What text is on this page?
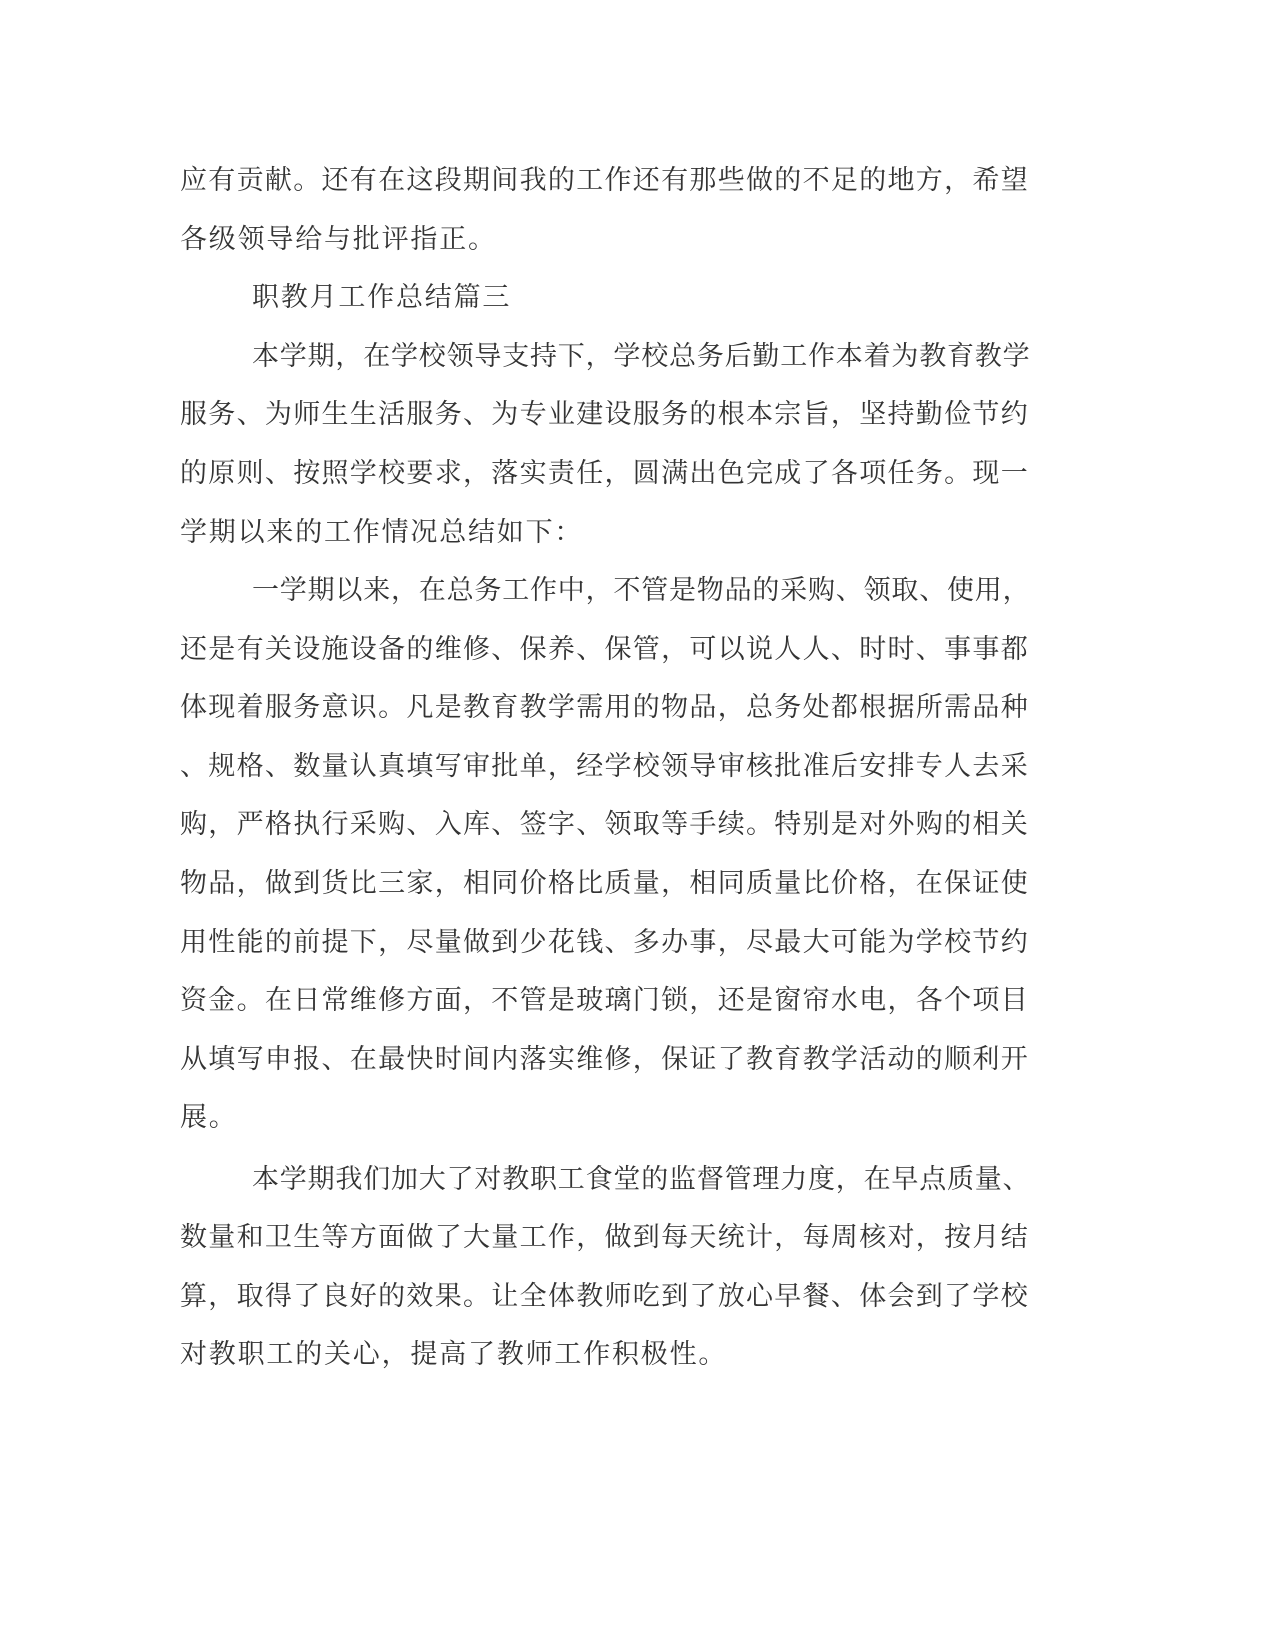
应有贡献。还有在这段期间我的工作还有那些做的不足的地方，希望
各级领导给与批评指正。
职教月工作总结篇三
本学期，在学校领导支持下，学校总务后勤工作本着为教育教学
服务、为师生生活服务、为专业建设服务的根本宗旨，坚持勤俭节约
的原则、按照学校要求，落实责任，圆满出色完成了各项任务。现一
学期以来的工作情况总结如下：
一学期以来，在总务工作中，不管是物品的采购、领取、使用，
还是有关设施设备的维修、保养、保管，可以说人人、时时、事事都
体现着服务意识。凡是教育教学需用的物品，总务处都根据所需品种
、规格、数量认真填写审批单，经学校领导审核批准后安排专人去采
购，严格执行采购、入库、签字、领取等手续。特别是对外购的相关
物品，做到货比三家，相同价格比质量，相同质量比价格，在保证使
用性能的前提下，尽量做到少花钱、多办事，尽最大可能为学校节约
资金。在日常维修方面，不管是玻璃门锁，还是窗帘水电，各个项目
从填写申报、在最快时间内落实维修，保证了教育教学活动的顺利开
展。
本学期我们加大了对教职工食堂的监督管理力度，在早点质量、
数量和卫生等方面做了大量工作，做到每天统计，每周核对，按月结
算，取得了良好的效果。让全体教师吃到了放心早餐、体会到了学校
对教职工的关心，提高了教师工作积极性。
